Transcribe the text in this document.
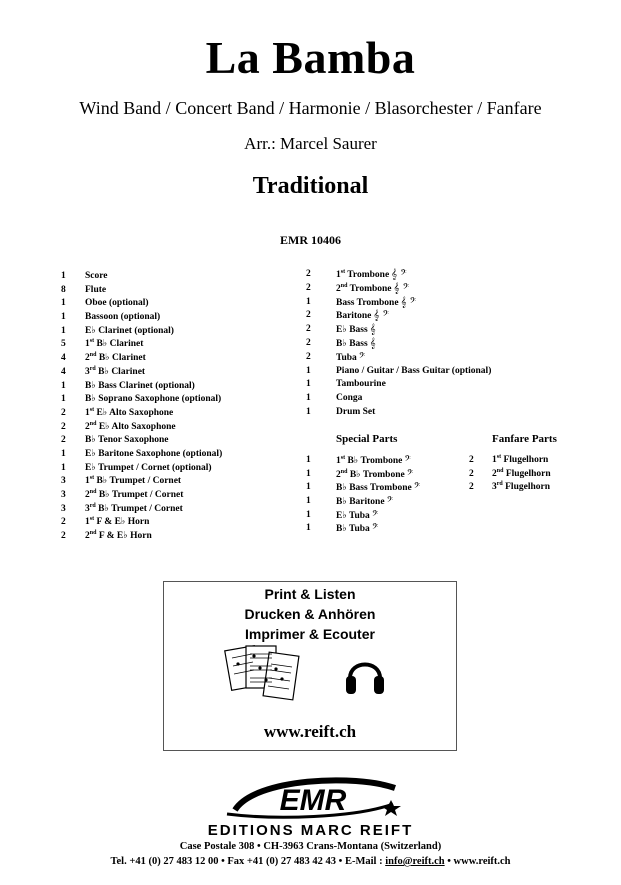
La Bamba
Wind Band / Concert Band / Harmonie / Blasorchester / Fanfare
Arr.: Marcel Saurer
Traditional
EMR 10406
1 Score
8 Flute
1 Oboe (optional)
1 Bassoon (optional)
1 E♭ Clarinet (optional)
5 1st B♭ Clarinet
4 2nd B♭ Clarinet
4 3rd B♭ Clarinet
1 B♭ Bass Clarinet (optional)
1 B♭ Soprano Saxophone (optional)
2 1st E♭ Alto Saxophone
2 2nd E♭ Alto Saxophone
2 B♭ Tenor Saxophone
1 E♭ Baritone Saxophone (optional)
1 E♭ Trumpet / Cornet (optional)
3 1st B♭ Trumpet / Cornet
3 2nd B♭ Trumpet / Cornet
3 3rd B♭ Trumpet / Cornet
2 1st F & E♭ Horn
2 2nd F & E♭ Horn
2	1st Trombone 𝄞 𝄢
2	2nd Trombone 𝄞 𝄢
1	Bass Trombone 𝄞 𝄢
2	Baritone 𝄞 𝄢
2	E♭ Bass 𝄞
2	B♭ Bass 𝄞
2	Tuba 𝄢
1	Piano / Guitar / Bass Guitar (optional)
1	Tambourine
1	Conga
1	Drum Set
Special Parts	Fanfare Parts
1	1st B♭ Trombone 𝄢
1	2nd B♭ Trombone 𝄢
1	B♭ Bass Trombone 𝄢
1	B♭ Baritone 𝄢
1	E♭ Tuba 𝄢
1	B♭ Tuba 𝄢
2 1st Flugelhorn
2 2nd Flugelhorn
2 3rd Flugelhorn
Print & Listen
Drucken & Anhören
Imprimer & Ecouter
www.reift.ch
EMR
EDITIONS MARC REIFT
Case Postale 308 • CH-3963 Crans-Montana (Switzerland)
Tel. +41 (0) 27 483 12 00 • Fax +41 (0) 27 483 42 43 • E-Mail : info@reift.ch • www.reift.ch
